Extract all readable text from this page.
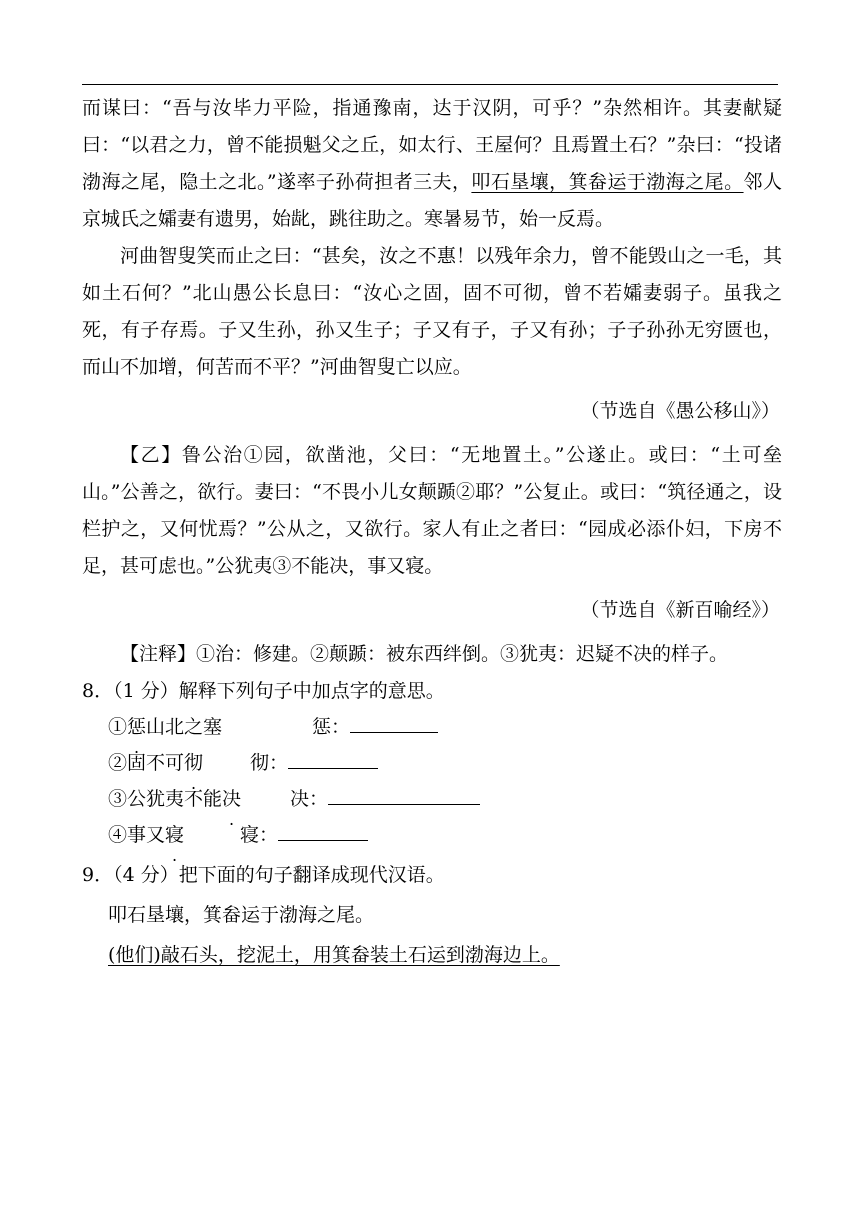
而谋曰：“吾与汝毕力平险，指通豫南，达于汉阴，可乎？”杂然相许。其妻献疑曰：“以君之力，曾不能损魁父之丘，如太行、王屋何？且焉置土石？”杂曰：“投诸渤海之尾，隐土之北。”遂率子孙荷担者三夫，叩石垦壤，箕畚运于渤海之尾。邻人京城氏之孀妻有遗男，始龀，跳往助之。寒暑易节，始一反焉。

河曲智叟笑而止之曰：“甚矣，汝之不惠！以残年余力，曾不能毁山之一毛，其如土石何？”北山愚公长息曰：“汝心之固，固不可彻，曾不若孀妻弱子。虽我之死，有子存焉。子又生孙，孙又生子；子又有子，子又有孙；子子孙孙无穷匮也，而山不加增，何苦而不平？”河曲智叟亡以应。

（节选自《愚公移山》）

【乙】鲁公治①园，欲凿池，父曰：“无地置土。”公遂止。或曰：“土可垒山。”公善之，欲行。妻曰：“不畏小儿女颠踬②耶？”公复止。或曰：“筑径通之，设栏护之，又何忧焉？”公从之，又欲行。家人有止之者曰：“园成必添仆妇，下房不足，甚可虑也。”公犹夷③不能决，事又寝。

（节选自《新百喻经》）

【注释】①治：修建。②颠踬：被东西绊倒。③犹夷：迟疑不决的样子。

8．（1 分）解释下列句子中加点字的意思。

①惩山北之塞	惩：
②固不可彻	彻：
③公犹夷不能决	决：
④事又寝	寝：

9．（4 分）把下面的句子翻译成现代汉语。

叩石垦壤，箕畚运于渤海之尾。

(他们)敲石头，挖泥土，用箕畚装土石运到渤海边上。
